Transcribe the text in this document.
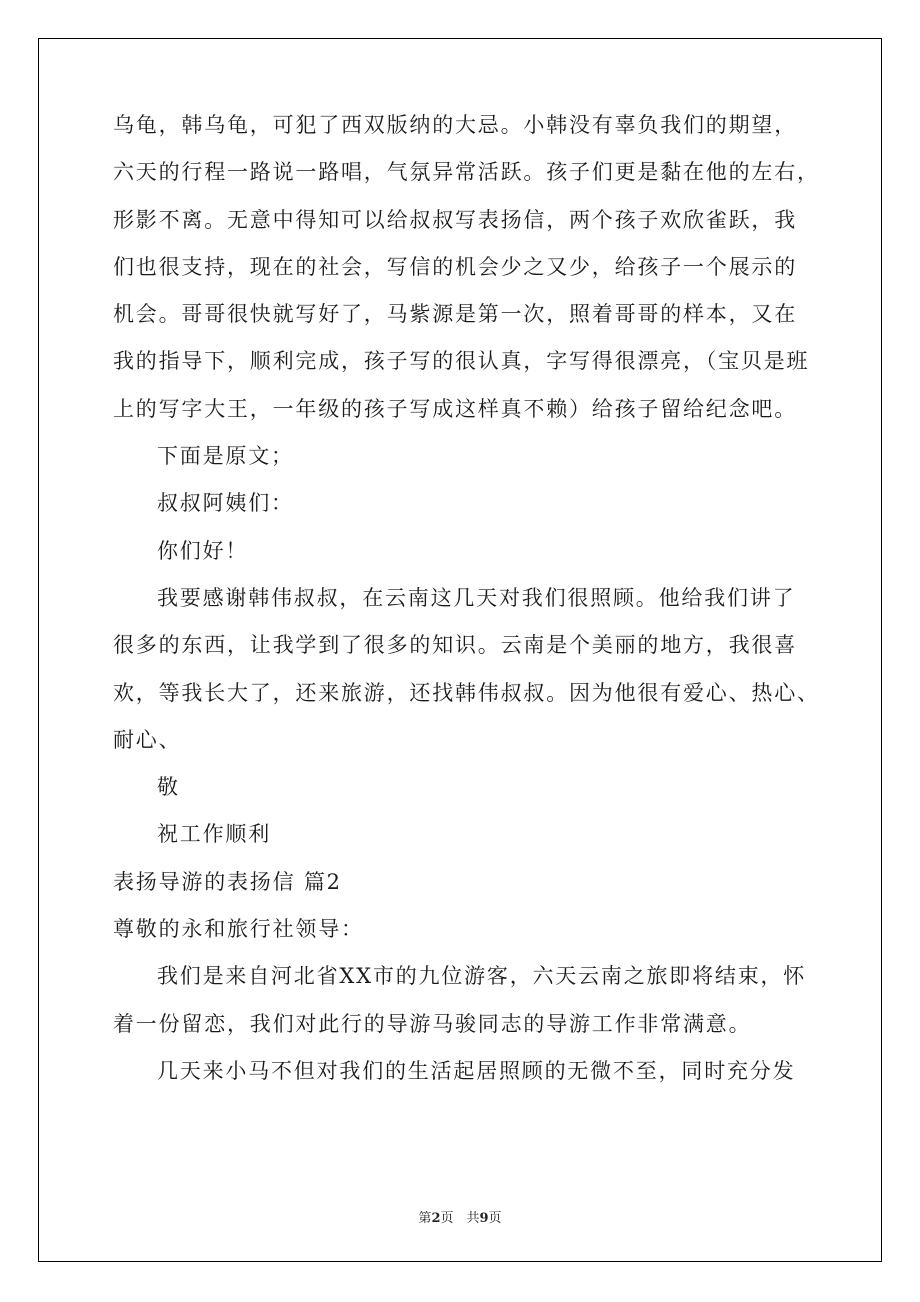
乌龟，韩乌龟，可犯了西双版纳的大忌。小韩没有辜负我们的期望，
六天的行程一路说一路唱，气氛异常活跃。孩子们更是黏在他的左右，
形影不离。无意中得知可以给叔叔写表扬信，两个孩子欢欣雀跃，我
们也很支持，现在的社会，写信的机会少之又少，给孩子一个展示的
机会。哥哥很快就写好了，马紫源是第一次，照着哥哥的样本，又在
我的指导下，顺利完成，孩子写的很认真，字写得很漂亮，（宝贝是班
上的写字大王，一年级的孩子写成这样真不赖）给孩子留给纪念吧。
下面是原文；
叔叔阿姨们：
你们好！
我要感谢韩伟叔叔，在云南这几天对我们很照顾。他给我们讲了
很多的东西，让我学到了很多的知识。云南是个美丽的地方，我很喜
欢，等我长大了，还来旅游，还找韩伟叔叔。因为他很有爱心、热心、
耐心、
敬
祝工作顺利
表扬导游的表扬信 篇2
尊敬的永和旅行社领导：
我们是来自河北省XX市的九位游客，六天云南之旅即将结束，怀
着一份留恋，我们对此行的导游马骏同志的导游工作非常满意。
几天来小马不但对我们的生活起居照顾的无微不至，同时充分发
第2页　共9页
